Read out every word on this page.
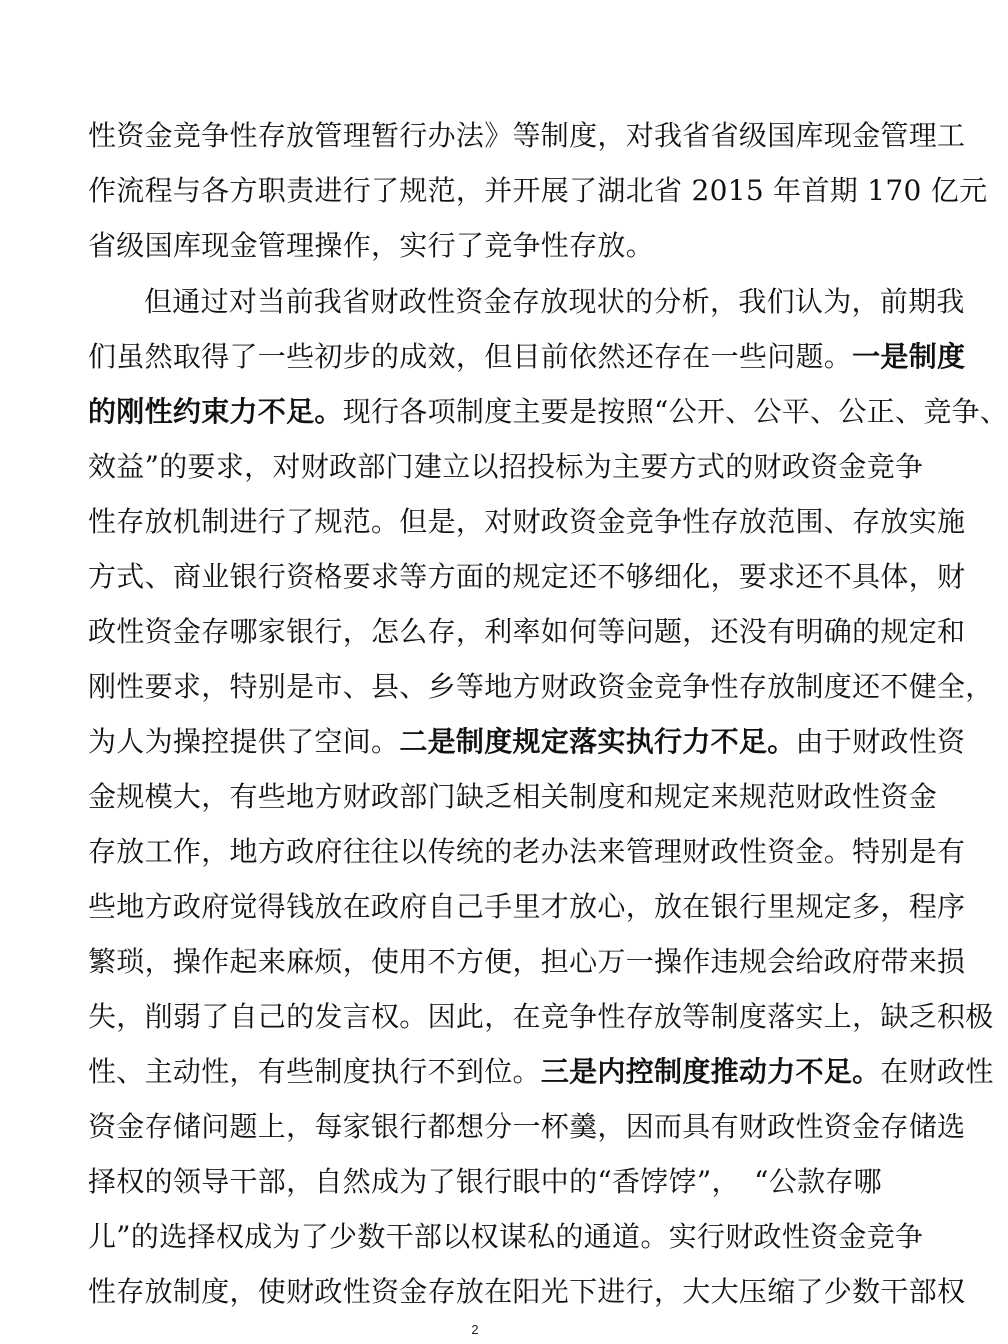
性资金竞争性存放管理暂行办法》等制度，对我省省级国库现金管理工
作流程与各方职责进行了规范，并开展了湖北省 2015 年首期 170 亿元
省级国库现金管理操作，实行了竞争性存放。
但通过对当前我省财政性资金存放现状的分析，我们认为，前期我
们虽然取得了一些初步的成效，但目前依然还存在一些问题。一是制度
的刚性约束力不足。现行各项制度主要是按照“公开、公平、公正、竞争、
效益”的要求，对财政部门建立以招投标为主要方式的财政资金竞争
性存放机制进行了规范。但是，对财政资金竞争性存放范围、存放实施
方式、商业银行资格要求等方面的规定还不够细化，要求还不具体，财
政性资金存哪家银行，怎么存，利率如何等问题，还没有明确的规定和
刚性要求，特别是市、县、乡等地方财政资金竞争性存放制度还不健全，
为人为操控提供了空间。二是制度规定落实执行力不足。由于财政性资
金规模大，有些地方财政部门缺乏相关制度和规定来规范财政性资金
存放工作，地方政府往往以传统的老办法来管理财政性资金。特别是有
些地方政府觉得钱放在政府自己手里才放心，放在银行里规定多，程序
繁琐，操作起来麻烦，使用不方便，担心万一操作违规会给政府带来损
失，削弱了自己的发言权。因此，在竞争性存放等制度落实上，缺乏积极
性、主动性，有些制度执行不到位。三是内控制度推动力不足。在财政性
资金存储问题上，每家银行都想分一杯羹，因而具有财政性资金存储选
择权的领导干部，自然成为了银行眼中的“香饽饽”，　“公款存哪
儿”的选择权成为了少数干部以权谋私的通道。实行财政性资金竞争
性存放制度，使财政性资金存放在阳光下进行，大大压缩了少数干部权
2
